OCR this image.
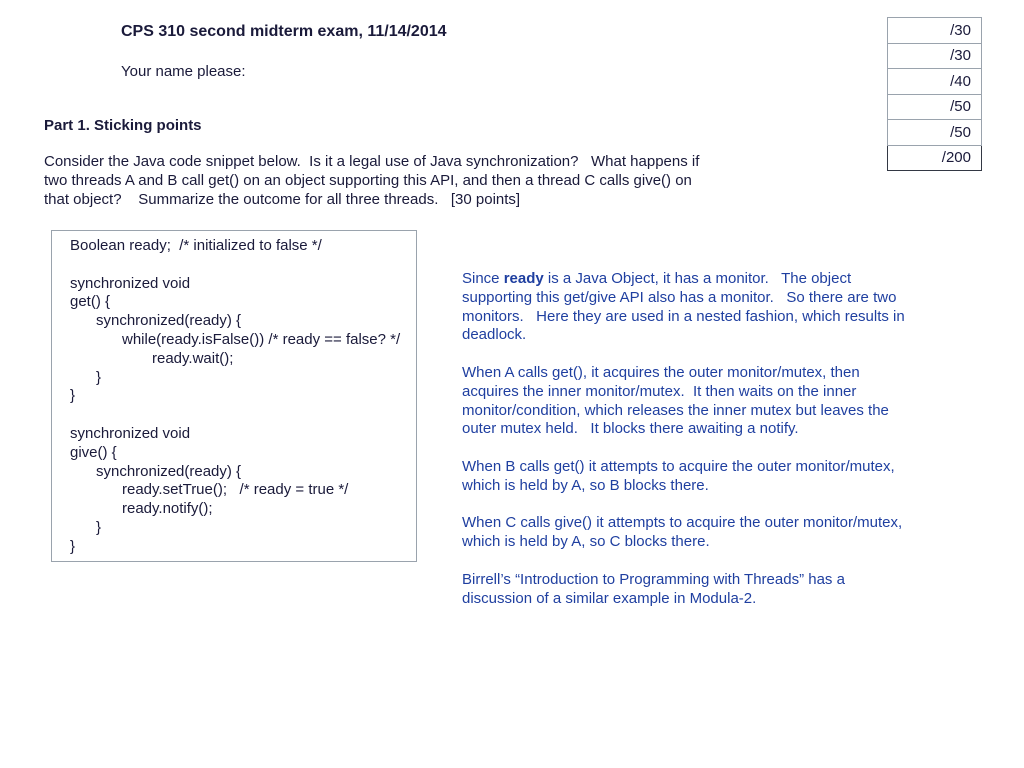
CPS 310 second midterm exam, 11/14/2014
Your name please:
/30
/30
/40
/50
/50
/200
Part 1. Sticking points
Consider the Java code snippet below.  Is it a legal use of Java synchronization?   What happens if
two threads A and B call get() on an object supporting this API, and then a thread C calls give() on
that object?    Summarize the outcome for all three threads.   [30 points]
Boolean ready;  /* initialized to false */
synchronized void
get() {
synchronized(ready) {
while(ready.isFalse()) /* ready == false? */
ready.wait();
}
}
synchronized void
give() {
synchronized(ready) {
ready.setTrue();   /* ready = true */
ready.notify();
}
}
Since ready is a Java Object, it has a monitor.   The object
supporting this get/give API also has a monitor.   So there are two
monitors.   Here they are used in a nested fashion, which results in
deadlock.
When A calls get(), it acquires the outer monitor/mutex, then
acquires the inner monitor/mutex.  It then waits on the inner
monitor/condition, which releases the inner mutex but leaves the
outer mutex held.   It blocks there awaiting a notify.
When B calls get() it attempts to acquire the outer monitor/mutex,
which is held by A, so B blocks there.
When C calls give() it attempts to acquire the outer monitor/mutex,
which is held by A, so C blocks there.
Birrell’s “Introduction to Programming with Threads” has a
discussion of a similar example in Modula-2.
